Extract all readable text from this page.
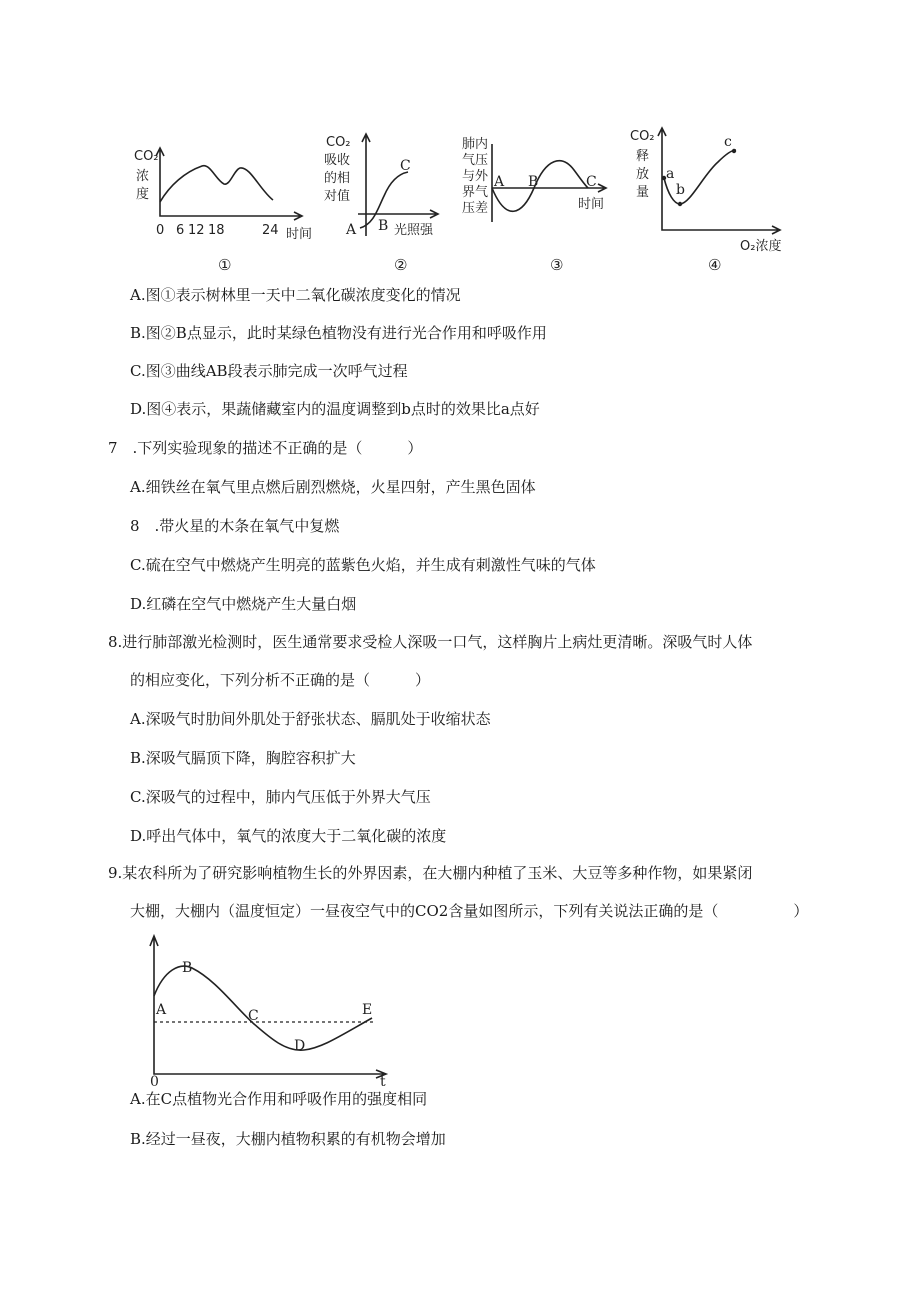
CO₂
浓
度
0 6 12 18	24 时间
①
CO₂
吸收
的相
对值
A B
C
光照强
②
肺内
气压
与外
界气
压差
A B	C
时间
③
CO₂
释
放
量
a
b
c
O₂浓度
④
A.图①表示树林里一天中二氧化碳浓度变化的情况
B.图②B点显示，此时某绿色植物没有进行光合作用和呼吸作用
C.图③曲线AB段表示肺完成一次呼气过程
D.图④表示，果蔬储藏室内的温度调整到b点时的效果比a点好
7　.下列实验现象的描述不正确的是（　　　）
A.细铁丝在氧气里点燃后剧烈燃烧，火星四射，产生黑色固体
8　.带火星的木条在氧气中复燃
C.硫在空气中燃烧产生明亮的蓝紫色火焰，并生成有刺激性气味的气体
D.红磷在空气中燃烧产生大量白烟
8.进行肺部激光检测时，医生通常要求受检人深吸一口气，这样胸片上病灶更清晰。深吸气时人体
的相应变化，下列分析不正确的是（　　　）
A.深吸气时肋间外肌处于舒张状态、膈肌处于收缩状态
B.深吸气膈顶下降，胸腔容积扩大
C.深吸气的过程中，肺内气压低于外界大气压
D.呼出气体中，氧气的浓度大于二氧化碳的浓度
9.某农科所为了研究影响植物生长的外界因素，在大棚内种植了玉米、大豆等多种作物，如果紧闭
大棚，大棚内（温度恒定）一昼夜空气中的CO2含量如图所示，下列有关说法正确的是（　　　　　）
A
B
C
D
E
0	t
A.在C点植物光合作用和呼吸作用的强度相同
B.经过一昼夜，大棚内植物积累的有机物会增加
